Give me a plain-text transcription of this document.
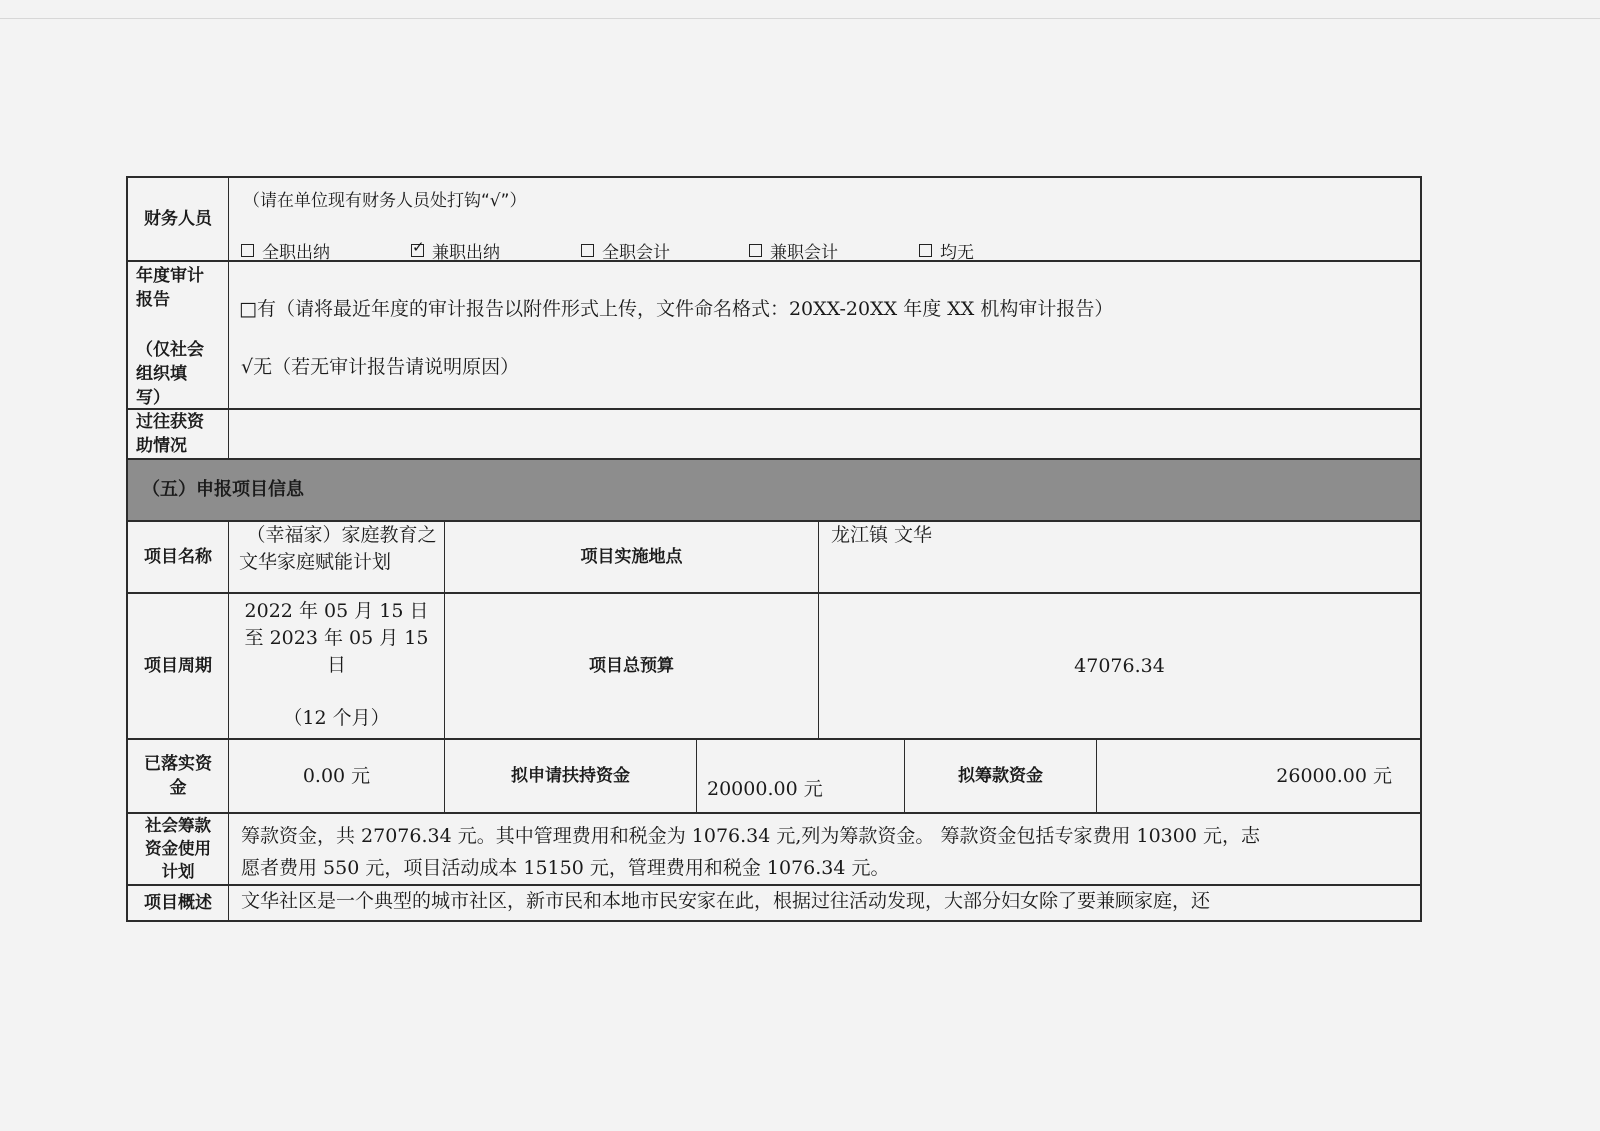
财务人员
（请在单位现有财务人员处打钩“√”）
全职出纳
✓	兼职出纳	全职会计	兼职会计	均无
年度审计
报告
（仅社会
组织填
写）
□有（请将最近年度的审计报告以附件形式上传，文件命名格式：20XX-20XX 年度 XX 机构审计报告）
√无（若无审计报告请说明原因）
过往获资
助情况
（五）申报项目信息
项目名称
（幸福家）家庭教育之
文华家庭赋能计划	项目实施地点
龙江镇 文华
项目周期
2022 年 05 月 15 日
至 2023 年 05 月 15
日
（12 个月）
项目总预算	47076.34
已落实资
金
0.00 元	拟申请扶持资金
20000.00 元
拟筹款资金	26000.00 元
社会筹款
资金使用
计划
筹款资金，共 27076.34 元。其中管理费用和税金为 1076.34 元,列为筹款资金。 筹款资金包括专家费用 10300 元，志
愿者费用 550 元，项目活动成本 15150 元，管理费用和税金 1076.34 元。
项目概述	文华社区是一个典型的城市社区，新市民和本地市民安家在此，根据过往活动发现，大部分妇女除了要兼顾家庭，还
